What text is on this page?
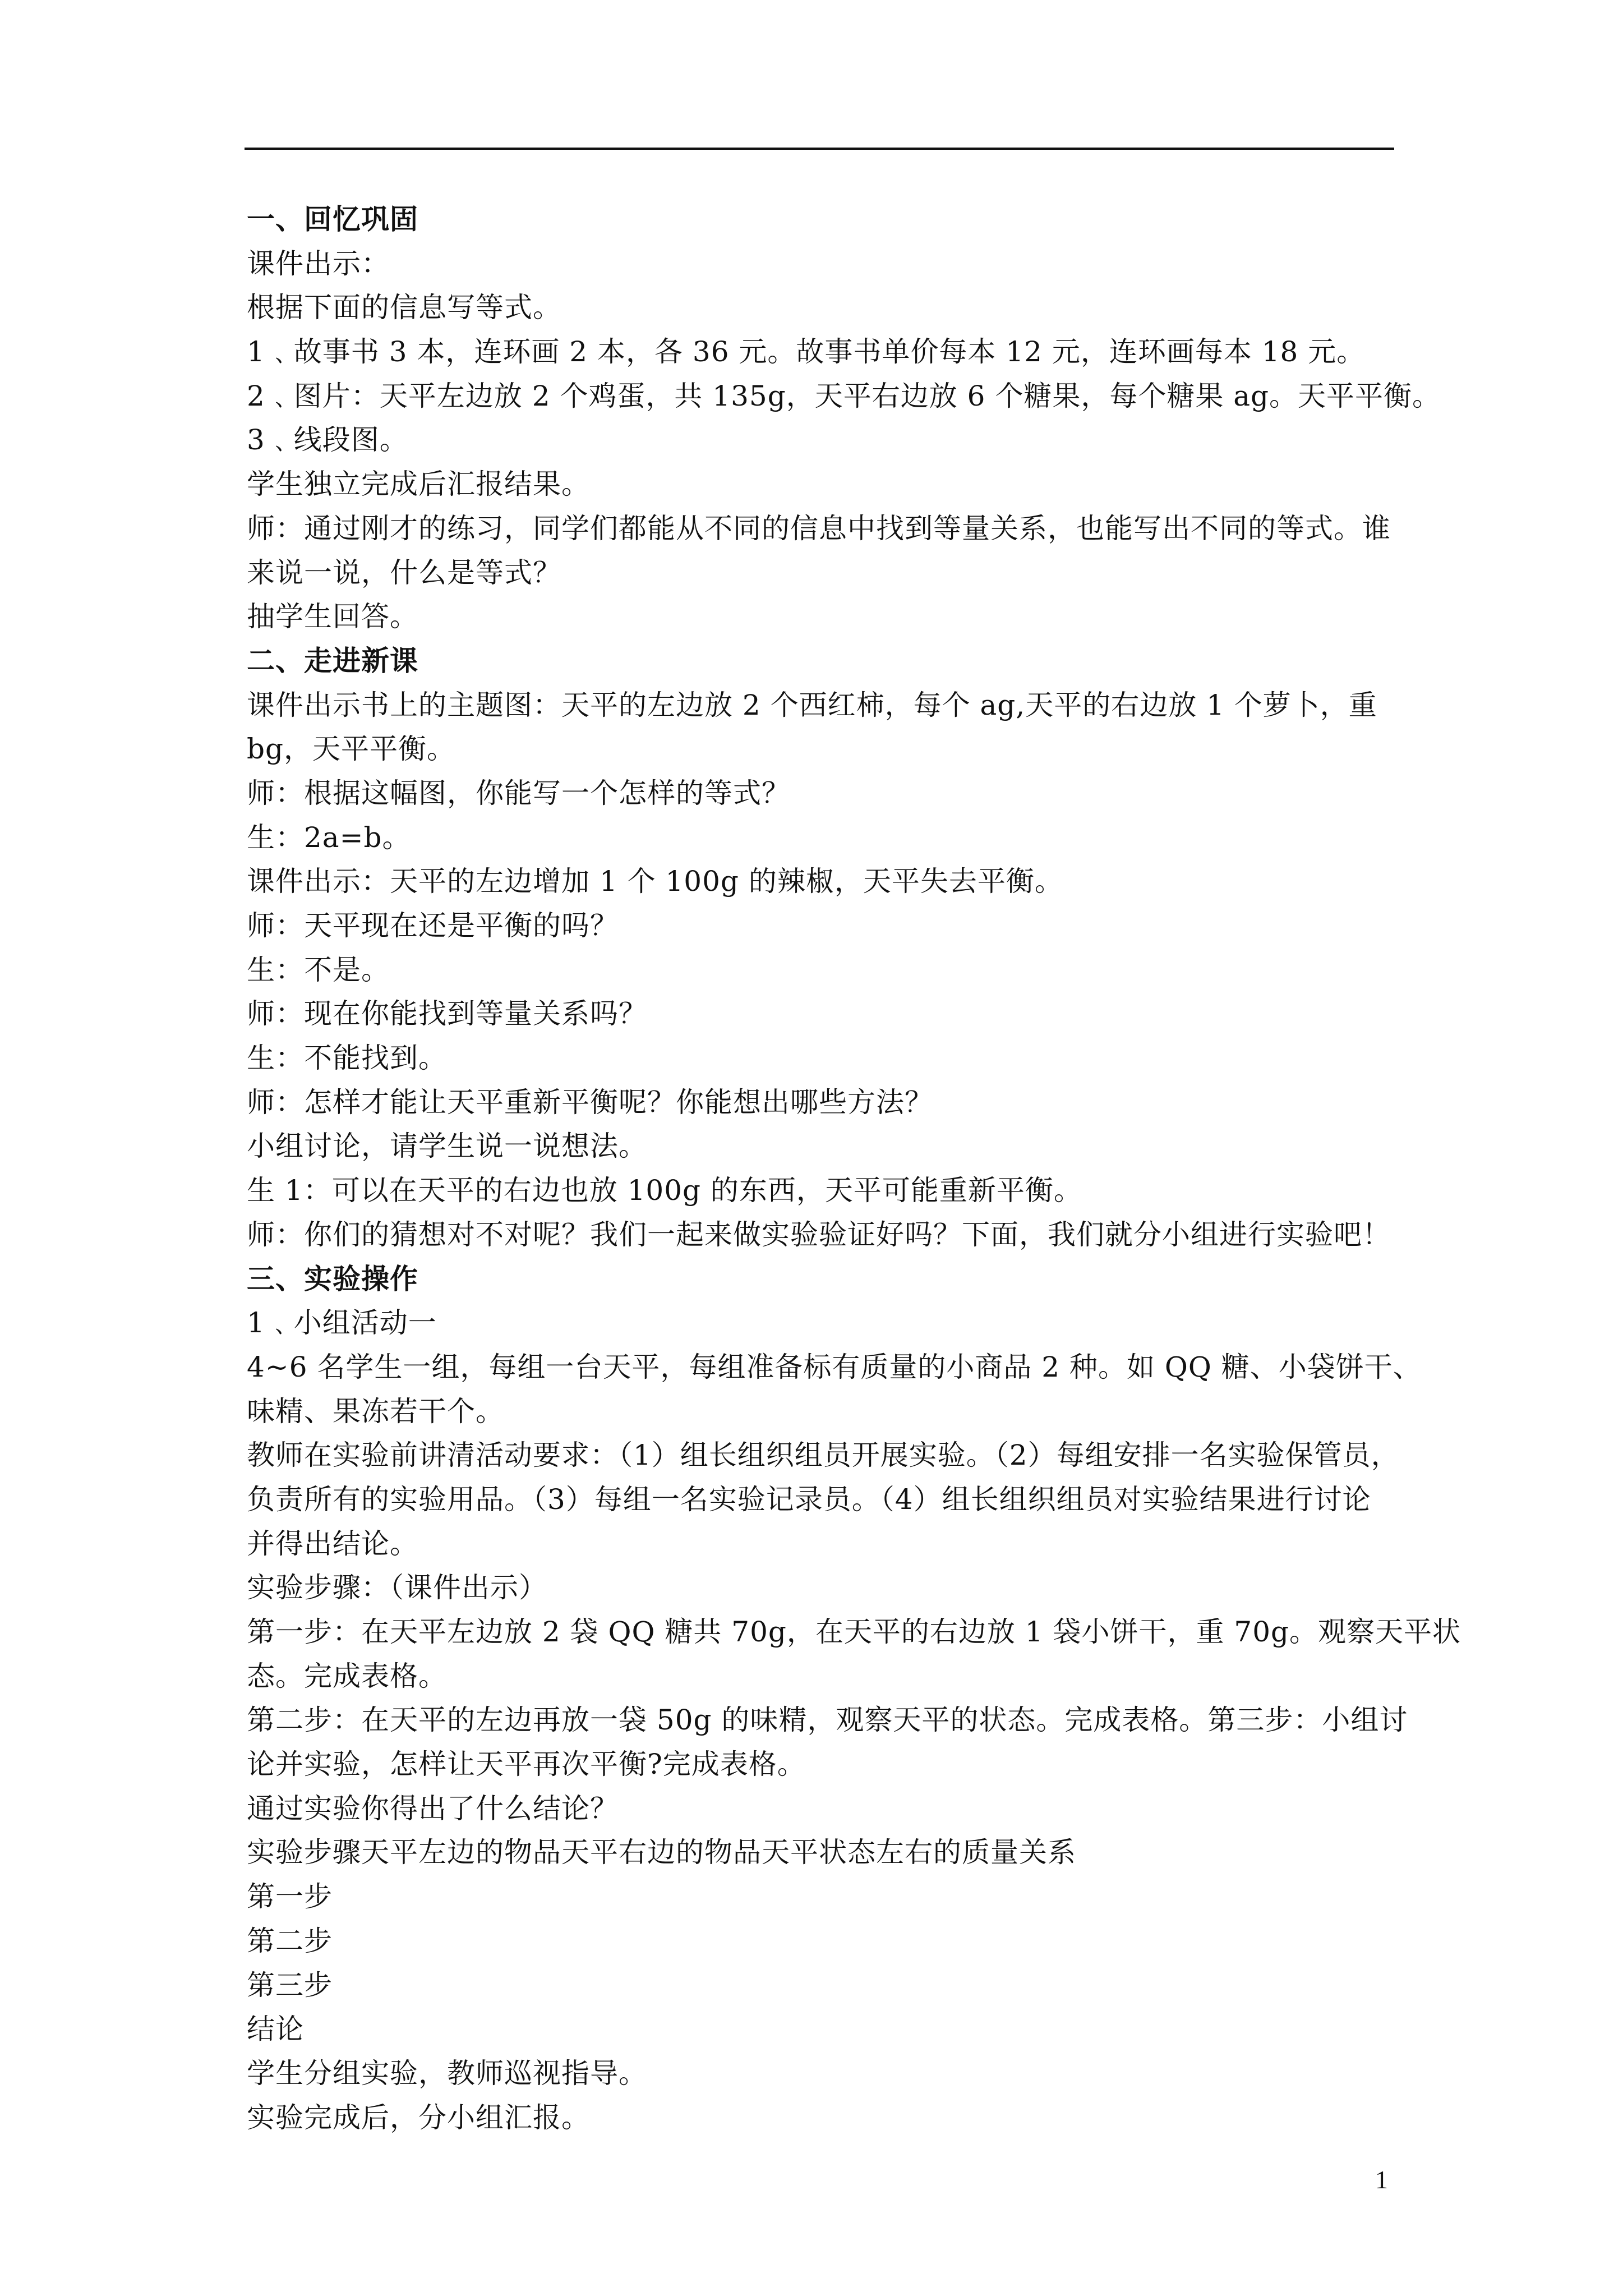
一、回忆巩固
课件出示：
根据下面的信息写等式。
1﹑故事书 3 本，连环画 2 本，各 36 元。故事书单价每本 12 元，连环画每本 18 元。
2﹑图片：天平左边放 2 个鸡蛋，共 135g，天平右边放 6 个糖果，每个糖果 ag。天平平衡。
3﹑线段图。
学生独立完成后汇报结果。
师：通过刚才的练习，同学们都能从不同的信息中找到等量关系，也能写出不同的等式。谁
来说一说，什么是等式？
抽学生回答。
二、走进新课
课件出示书上的主题图：天平的左边放 2 个西红柿，每个 ag,天平的右边放 1 个萝卜，重
bg，天平平衡。
师：根据这幅图，你能写一个怎样的等式？
生：2a=b。
课件出示：天平的左边增加 1 个 100g 的辣椒，天平失去平衡。
师：天平现在还是平衡的吗？
生：不是。
师：现在你能找到等量关系吗？
生：不能找到。
师：怎样才能让天平重新平衡呢？你能想出哪些方法？
小组讨论，请学生说一说想法。
生 1：可以在天平的右边也放 100g 的东西，天平可能重新平衡。
师：你们的猜想对不对呢？我们一起来做实验验证好吗？下面，我们就分小组进行实验吧！
三、实验操作
1﹑小组活动一
4~6 名学生一组，每组一台天平，每组准备标有质量的小商品 2 种。如 QQ 糖、小袋饼干、
味精、果冻若干个。
教师在实验前讲清活动要求：（1）组长组织组员开展实验。（2）每组安排一名实验保管员，
负责所有的实验用品。（3）每组一名实验记录员。（4）组长组织组员对实验结果进行讨论
并得出结论。
实验步骤：（课件出示）
第一步：在天平左边放 2 袋 QQ 糖共 70g，在天平的右边放 1 袋小饼干，重 70g。观察天平状
态。完成表格。
第二步：在天平的左边再放一袋 50g 的味精，观察天平的状态。完成表格。第三步：小组讨
论并实验，怎样让天平再次平衡?完成表格。
通过实验你得出了什么结论？
实验步骤天平左边的物品天平右边的物品天平状态左右的质量关系
第一步
第二步
第三步
结论
学生分组实验，教师巡视指导。
实验完成后，分小组汇报。
1
